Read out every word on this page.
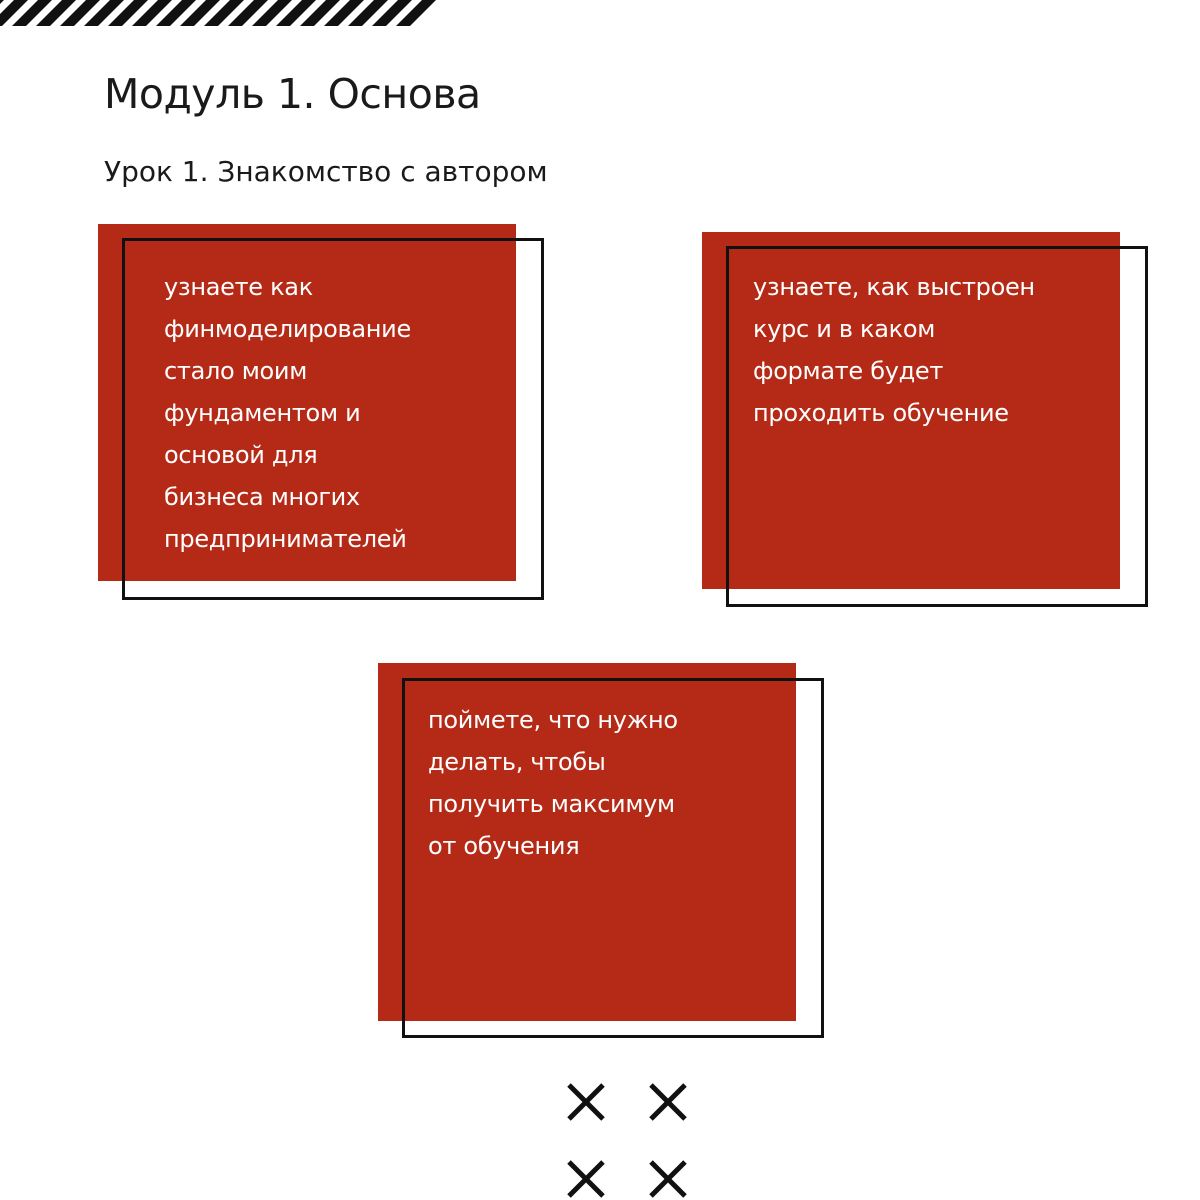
Модуль 1. Основа
Урок 1. Знакомство с автором

узнаете как
финмоделирование
стало моим
фундаментом и
основой для
бизнеса многих
предпринимателей

узнаете, как выстроен
курс и в каком
формате будет
проходить обучение

поймете, что нужно
делать, чтобы
получить максимум
от обучения
